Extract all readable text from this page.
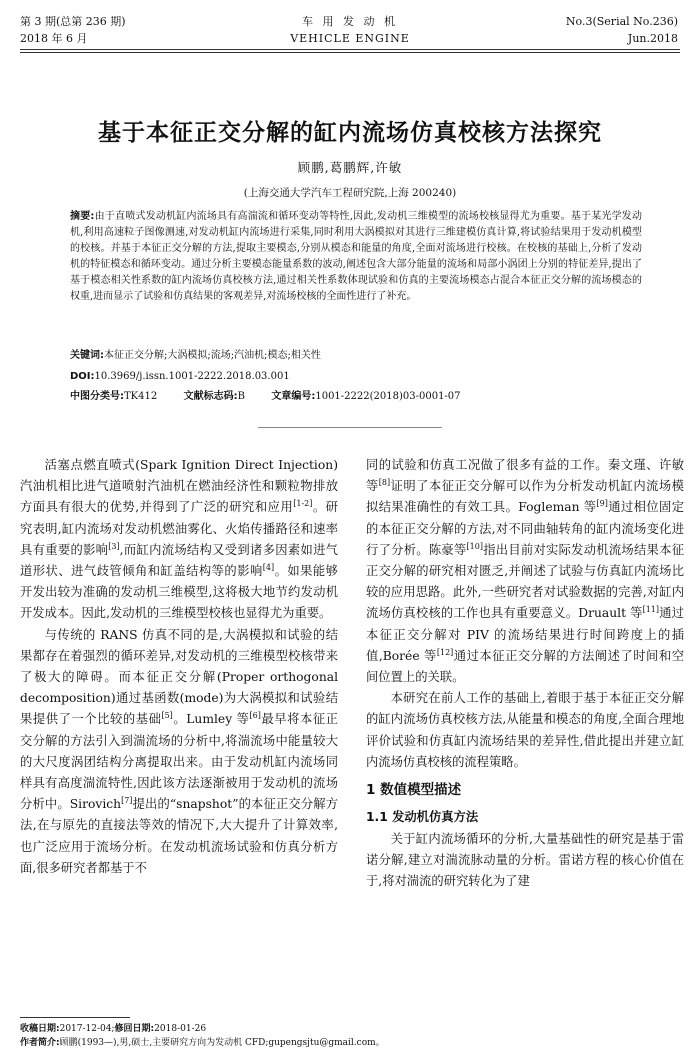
第 3 期(总第 236 期)
2018 年 6 月
车 用 发 动 机
VEHICLE ENGINE
No.3(Serial No.236)
Jun.2018
基于本征正交分解的缸内流场仿真校核方法探究
顾鹏,葛鹏辉,许敏
(上海交通大学汽车工程研究院,上海 200240)
摘要:由于直喷式发动机缸内流场具有高湍流和循环变动等特性,因此,发动机三维模型的流场校核显得尤为重要。基于某光学发动机,利用高速粒子图像测速,对发动机缸内流场进行采集,同时利用大涡模拟对其进行三维建模仿真计算,将试验结果用于发动机模型的校核。并基于本征正交分解的方法,提取主要模态,分别从模态和能量的角度,全面对流场进行校核。在校核的基础上,分析了发动机的特征模态和循环变动。通过分析主要模态能量系数的波动,阐述包含大部分能量的流场和局部小涡团上分别的特征差异,提出了基于模态相关性系数的缸内流场仿真校核方法,通过相关性系数体现试验和仿真的主要流场模态占混合本征正交分解的流场模态的权重,进而显示了试验和仿真结果的客观差异,对流场校核的全面性进行了补充。
关键词:本征正交分解;大涡模拟;流场;汽油机;模态;相关性
DOI:10.3969/j.issn.1001-2222.2018.03.001
中图分类号:TK412	文献标志码:B	文章编号:1001-2222(2018)03-0001-07

活塞点燃直喷式(Spark Ignition Direct Injection)汽油机相比进气道喷射汽油机在燃油经济性和颗粒物排放方面具有很大的优势,并得到了广泛的研究和应用[1-2]。研究表明,缸内流场对发动机燃油雾化、火焰传播路径和速率具有重要的影响[3],而缸内流场结构又受到诸多因素如进气道形状、进气歧管倾角和缸盖结构等的影响[4]。如果能够开发出较为准确的发动机三维模型,这将极大地节约发动机开发成本。因此,发动机的三维模型校核也显得尤为重要。

与传统的 RANS 仿真不同的是,大涡模拟和试验的结果都存在着强烈的循环差异,对发动机的三维模型校核带来了极大的障碍。而本征正交分解(Proper orthogonal decomposition)通过基函数(mode)为大涡模拟和试验结果提供了一个比较的基础[5]。Lumley 等[6]最早将本征正交分解的方法引入到湍流场的分析中,将湍流场中能量较大的大尺度涡团结构分离提取出来。由于发动机缸内流场同样具有高度湍流特性,因此该方法逐渐被用于发动机的流场分析中。Sirovich[7]提出的“snapshot”的本征正交分解方法,在与原先的直接法等效的情况下,大大提升了计算效率,也广泛应用于流场分析。在发动机流场试验和仿真分析方面,很多研究者都基于不

同的试验和仿真工况做了很多有益的工作。秦文瑾、许敏等[8]证明了本征正交分解可以作为分析发动机缸内流场模拟结果准确性的有效工具。Fogleman 等[9]通过相位固定的本征正交分解的方法,对不同曲轴转角的缸内流场变化进行了分析。陈豪等[10]指出目前对实际发动机流场结果本征正交分解的研究相对匮乏,并阐述了试验与仿真缸内流场比较的应用思路。此外,一些研究者对试验数据的完善,对缸内流场仿真校核的工作也具有重要意义。Druault 等[11]通过本征正交分解对 PIV 的流场结果进行时间跨度上的插值,Borée 等[12]通过本征正交分解的方法阐述了时间和空间位置上的关联。

本研究在前人工作的基础上,着眼于基于本征正交分解的缸内流场仿真校核方法,从能量和模态的角度,全面合理地评价试验和仿真缸内流场结果的差异性,借此提出并建立缸内流场仿真校核的流程策略。

1 数值模型描述
1.1 发动机仿真方法

关于缸内流场循环的分析,大量基础性的研究是基于雷诺分解,建立对湍流脉动量的分析。雷诺方程的核心价值在于,将对湍流的研究转化为了建

收稿日期:2017-12-04;修回日期:2018-01-26
作者简介:顾鹏(1993—),男,硕士,主要研究方向为发动机 CFD;gupengsjtu@gmail.com。
